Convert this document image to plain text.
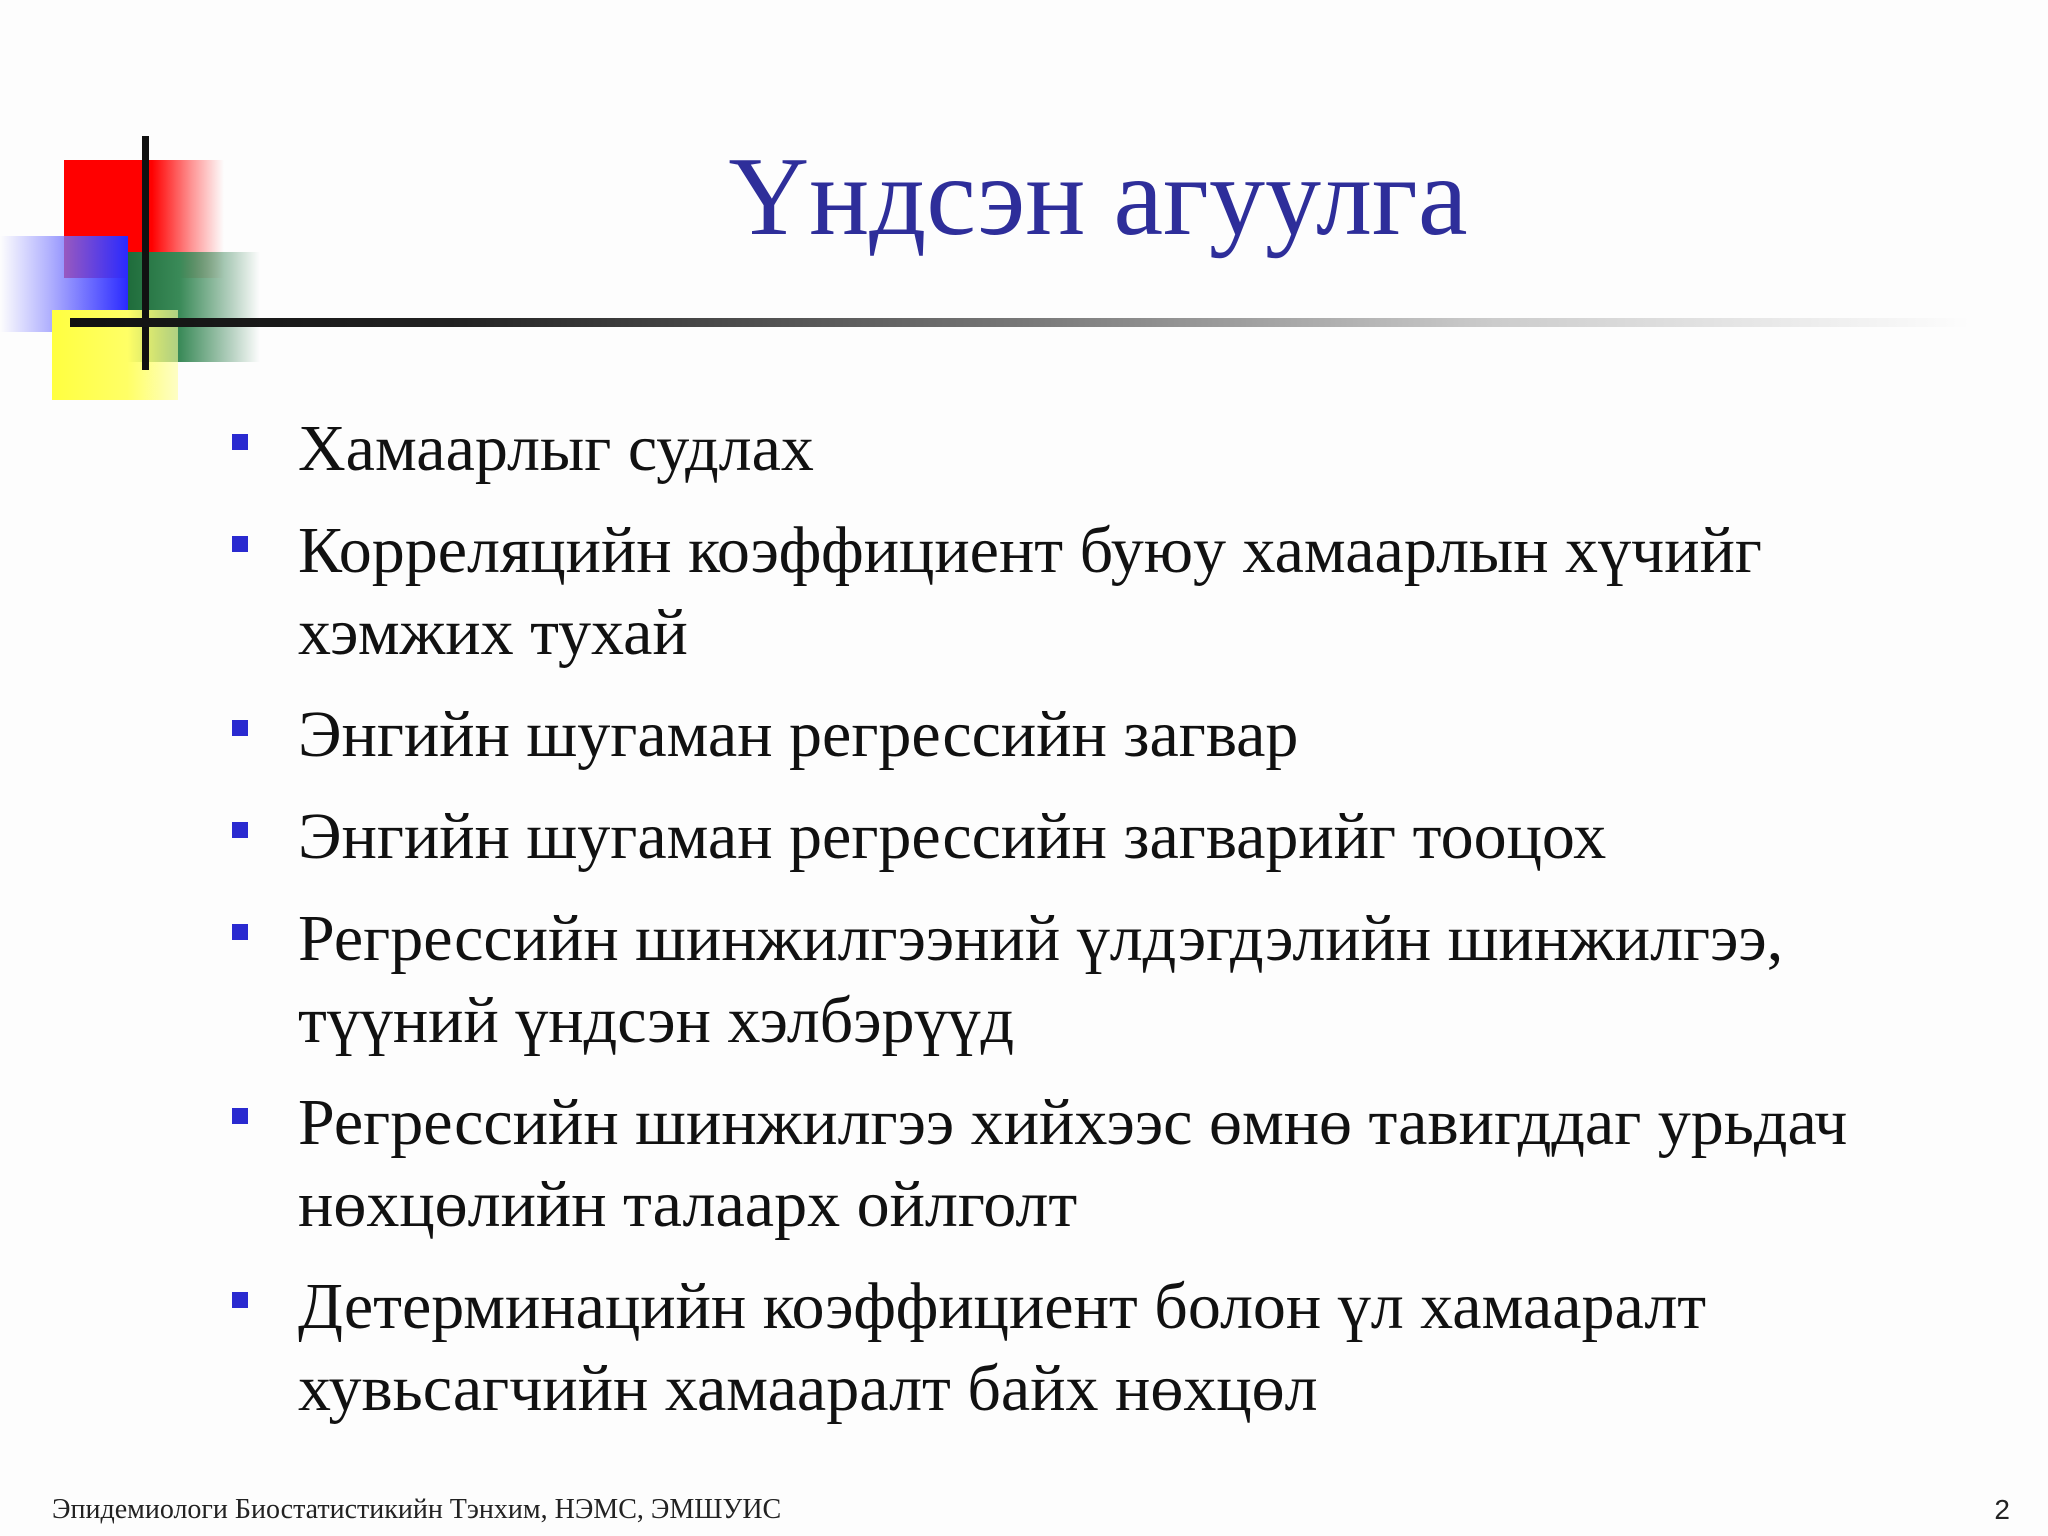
Үндсэн агуулга
Хамаарлыг судлах
Корреляцийн коэффициент буюу хамаарлын хүчийг хэмжих тухай
Энгийн шугаман регрессийн загвар
Энгийн шугаман регрессийн загварийг тооцох
Регрессийн шинжилгээний үлдэгдэлийн шинжилгээ, түүний үндсэн хэлбэрүүд
Регрессийн шинжилгээ хийхээс өмнө тавигддаг урьдач нөхцөлийн талаарх ойлголт
Детерминацийн коэффициент болон үл хамааралт хувьсагчийн хамааралт байх нөхцөл
Эпидемиологи Биостатистикийн Тэнхим, НЭМС, ЭМШУИС	2
